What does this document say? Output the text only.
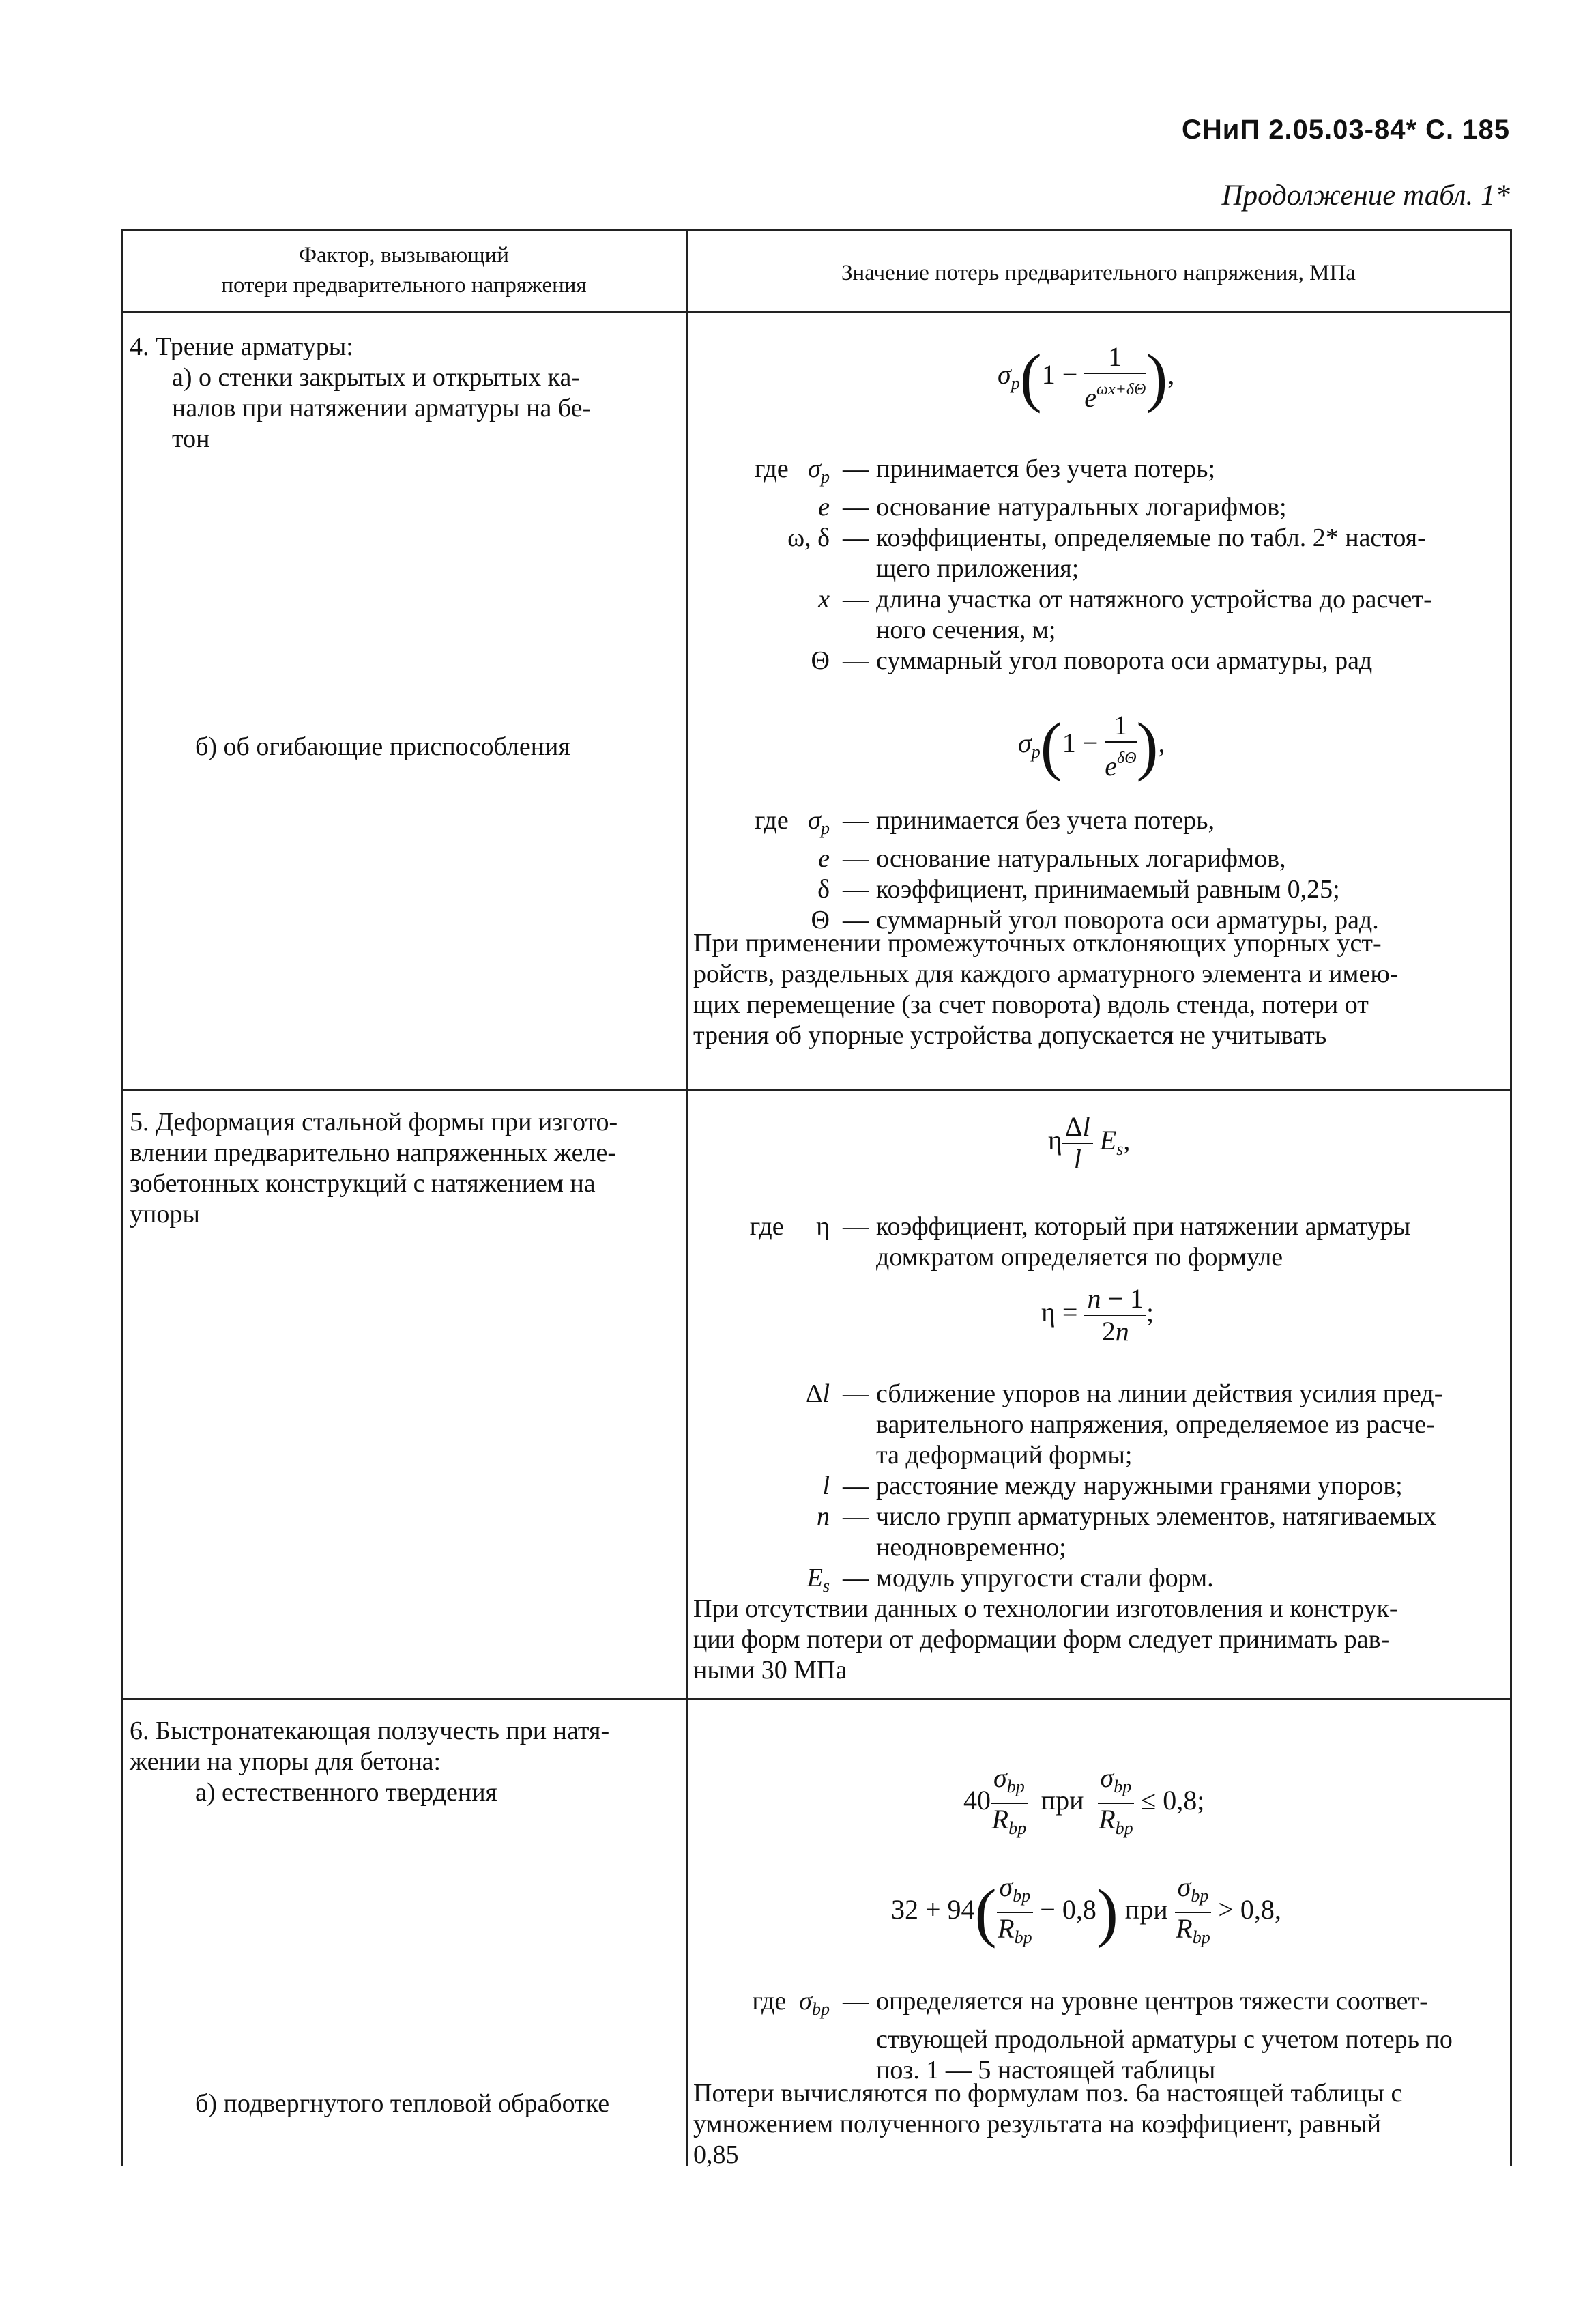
СНиП 2.05.03-84* С. 185
Продолжение табл. 1*
Фактор, вызывающий
потери предварительного напряжения	Значение потерь предварительного напряжения, МПа
4. Трение арматуры:
а) о стенки закрытых и открытых ка-
налов при натяжении арматуры на бе-
тон
б) об огибающие приспособления
$\sigma_p(1 - \frac{1}{e^{\omega x+\delta\Theta}}$ ),
где   $\sigma_p$ — принимается без учета потерь;
e — основание натуральных логарифмов;
ω, δ — коэффициенты, определяемые по табл. 2* настоя-
щего приложения;
x — длина участка от натяжного устройства до расчет-
ного сечения, м;
Θ — суммарный угол поворота оси арматуры, рад
$\sigma_p(1 - \frac{1}{e^{\delta\Theta}}$ ),
где   $\sigma_p$ — принимается без учета потерь,
e — основание натуральных логарифмов,
δ — коэффициент, принимаемый равным 0,25;
Θ — суммарный угол поворота оси арматуры, рад.
При применении промежуточных отклоняющих упорных уст-
ройств, раздельных для каждого арматурного элемента и имею-
щих перемещение (за счет поворота) вдоль стенда, потери от
трения об упорные устройства допускается не учитывать
5. Деформация стальной формы при изгото-
влении предварительно напряженных желе-
зобетонных конструкций с натяжением на
упоры
η $\frac{\Delta l}{l} E_s$,
где     η — коэффициент, который при натяжении арматуры
домкратом определяется по формуле
$\eta = \frac{n - 1}{2n}$ ;
Δl — сближение упоров на линии действия усилия пред-
варительного напряжения, определяемое из расче-
та деформаций формы;
l — расстояние между наружными гранями упоров;
n — число групп арматурных элементов, натягиваемых
неодновременно;
$E_s$ — модуль упругости стали форм.
При отсутствии данных о технологии изготовления и конструк-
ции форм потери от деформации форм следует принимать рав-
ными 30 МПа
6. Быстронатекающая ползучесть при натя-
жении на упоры для бетона:
а) естественного твердения
б) подвергнутого тепловой обработке
$40 \frac{\sigma_{bp}}{R_{bp}}$ при $\frac{\sigma_{bp}}{R_{bp}} \le 0,8$;
$32 + 94( \frac{\sigma_{bp}}{R_{bp}} - 0,8)$ при $\frac{\sigma_{bp}}{R_{bp}} > 0,8$,
где  $\sigma_{bp}$ — определяется на уровне центров тяжести соответ-
ствующей продольной арматуры с учетом потерь по
поз. 1 — 5 настоящей таблицы
Потери вычисляются по формулам поз. 6а настоящей таблицы с
умножением полученного результата на коэффициент, равный
0,85
